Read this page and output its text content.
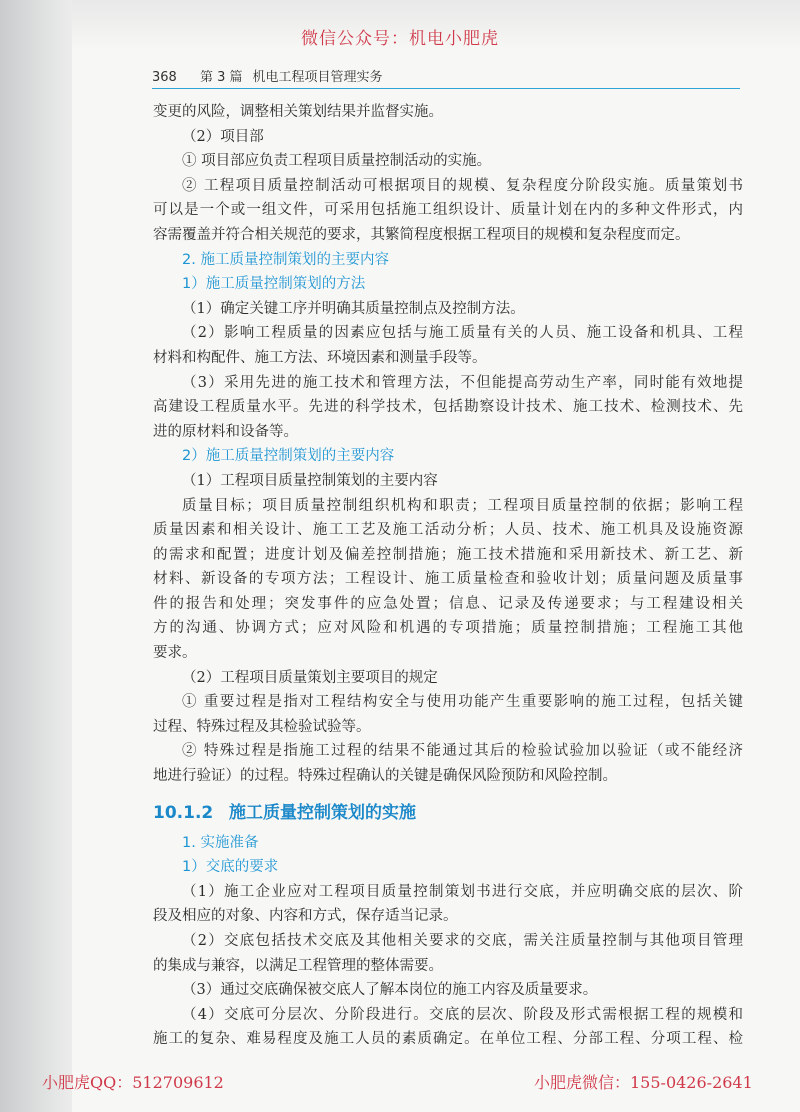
微信公众号：机电小肥虎
368 第 3 篇 机电工程项目管理实务
变更的风险，调整相关策划结果并监督实施。
（2）项目部
① 项目部应负责工程项目质量控制活动的实施。
② 工程项目质量控制活动可根据项目的规模、复杂程度分阶段实施。质量策划书
可以是一个或一组文件，可采用包括施工组织设计、质量计划在内的多种文件形式，内
容需覆盖并符合相关规范的要求，其繁简程度根据工程项目的规模和复杂程度而定。
2. 施工质量控制策划的主要内容
1）施工质量控制策划的方法
（1）确定关键工序并明确其质量控制点及控制方法。
（2）影响工程质量的因素应包括与施工质量有关的人员、施工设备和机具、工程
材料和构配件、施工方法、环境因素和测量手段等。
（3）采用先进的施工技术和管理方法，不但能提高劳动生产率，同时能有效地提
高建设工程质量水平。先进的科学技术，包括勘察设计技术、施工技术、检测技术、先
进的原材料和设备等。
2）施工质量控制策划的主要内容
（1）工程项目质量控制策划的主要内容
质量目标；项目质量控制组织机构和职责；工程项目质量控制的依据；影响工程
质量因素和相关设计、施工工艺及施工活动分析；人员、技术、施工机具及设施资源
的需求和配置；进度计划及偏差控制措施；施工技术措施和采用新技术、新工艺、新
材料、新设备的专项方法；工程设计、施工质量检查和验收计划；质量问题及质量事
件的报告和处理；突发事件的应急处置；信息、记录及传递要求；与工程建设相关
方的沟通、协调方式；应对风险和机遇的专项措施；质量控制措施；工程施工其他
要求。
（2）工程项目质量策划主要项目的规定
① 重要过程是指对工程结构安全与使用功能产生重要影响的施工过程，包括关键
过程、特殊过程及其检验试验等。
② 特殊过程是指施工过程的结果不能通过其后的检验试验加以验证（或不能经济
地进行验证）的过程。特殊过程确认的关键是确保风险预防和风险控制。
10.1.2 施工质量控制策划的实施
1. 实施准备
1）交底的要求
（1）施工企业应对工程项目质量控制策划书进行交底，并应明确交底的层次、阶
段及相应的对象、内容和方式，保存适当记录。
（2）交底包括技术交底及其他相关要求的交底，需关注质量控制与其他项目管理
的集成与兼容，以满足工程管理的整体需要。
（3）通过交底确保被交底人了解本岗位的施工内容及质量要求。
（4）交底可分层次、分阶段进行。交底的层次、阶段及形式需根据工程的规模和
施工的复杂、难易程度及施工人员的素质确定。在单位工程、分部工程、分项工程、检
小肥虎QQ：512709612	小肥虎微信：155-0426-2641
